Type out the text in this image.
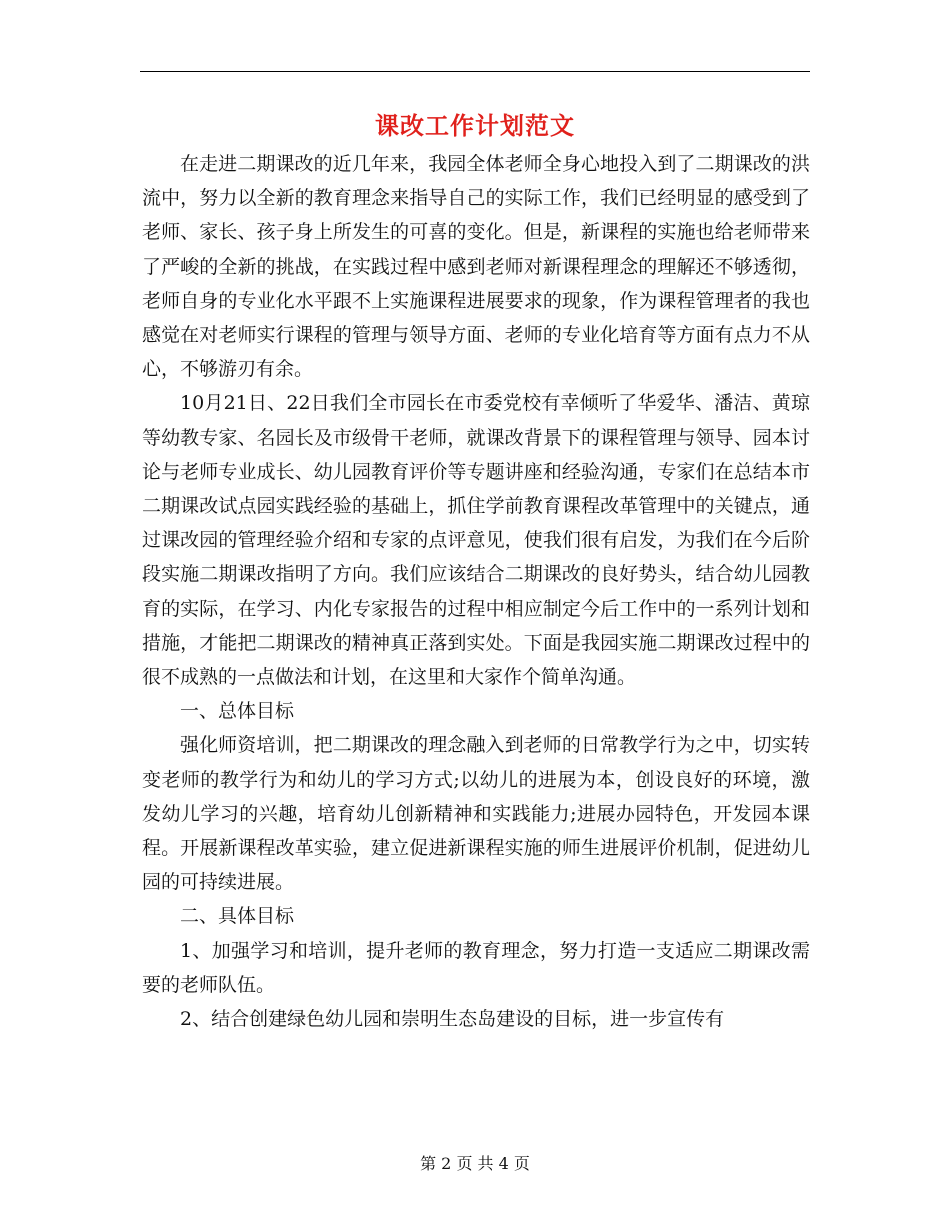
课改工作计划范文

在走进二期课改的近几年来，我园全体老师全身心地投入到了二期课改的洪流中，努力以全新的教育理念来指导自己的实际工作，我们已经明显的感受到了老师、家长、孩子身上所发生的可喜的变化。但是，新课程的实施也给老师带来了严峻的全新的挑战，在实践过程中感到老师对新课程理念的理解还不够透彻，老师自身的专业化水平跟不上实施课程进展要求的现象，作为课程管理者的我也感觉在对老师实行课程的管理与领导方面、老师的专业化培育等方面有点力不从心，不够游刃有余。

10月21日、22日我们全市园长在市委党校有幸倾听了华爱华、潘洁、黄琼等幼教专家、名园长及市级骨干老师，就课改背景下的课程管理与领导、园本讨论与老师专业成长、幼儿园教育评价等专题讲座和经验沟通，专家们在总结本市二期课改试点园实践经验的基础上，抓住学前教育课程改革管理中的关键点，通过课改园的管理经验介绍和专家的点评意见，使我们很有启发，为我们在今后阶段实施二期课改指明了方向。我们应该结合二期课改的良好势头，结合幼儿园教育的实际，在学习、内化专家报告的过程中相应制定今后工作中的一系列计划和措施，才能把二期课改的精神真正落到实处。下面是我园实施二期课改过程中的很不成熟的一点做法和计划，在这里和大家作个简单沟通。

一、总体目标

强化师资培训，把二期课改的理念融入到老师的日常教学行为之中，切实转变老师的教学行为和幼儿的学习方式;以幼儿的进展为本，创设良好的环境，激发幼儿学习的兴趣，培育幼儿创新精神和实践能力;进展办园特色，开发园本课程。开展新课程改革实验，建立促进新课程实施的师生进展评价机制，促进幼儿园的可持续进展。

二、具体目标

1、加强学习和培训，提升老师的教育理念，努力打造一支适应二期课改需要的老师队伍。

2、结合创建绿色幼儿园和崇明生态岛建设的目标，进一步宣传有

第 2 页 共 4 页
